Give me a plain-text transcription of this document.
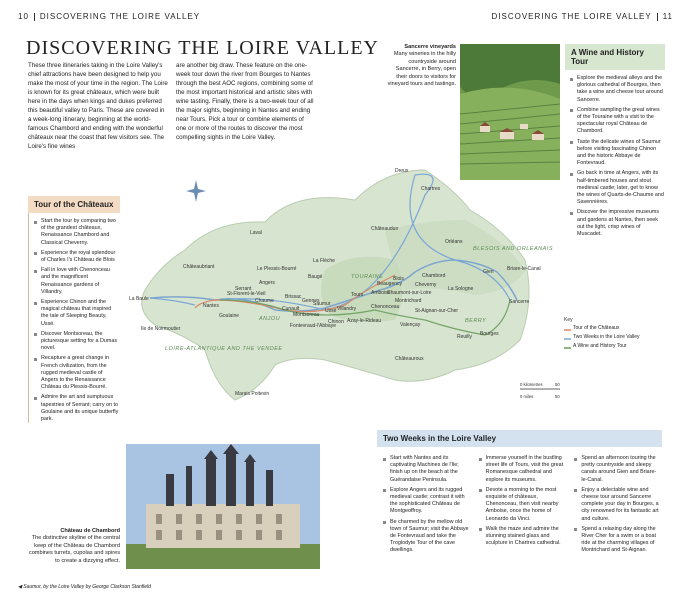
10 DISCOVERING THE LOIRE VALLEY	DISCOVERING THE LOIRE VALLEY 11
DISCOVERING THE LOIRE VALLEY

These three itineraries taking in the Loire Valley's chief attractions have been designed to help you make the most of your time in the region. The Loire is known for its great châteaux, which were built here in the days when kings and dukes preferred this beautiful valley to Paris. These are covered in a week-long itinerary, beginning at the world-famous Chambord and ending with the wonderful châteaux near the coast that few visitors see. The Loire's fine wines

are another big draw. These feature on the one-week tour down the river from Bourges to Nantes through the best AOC regions, combining some of the most important historical and artistic sites with wine tasting. Finally, there is a two-week tour of all the major sights, beginning in Nantes and ending near Tours. Pick a tour or combine elements of one or more of the routes to discover the most compelling sights in the Loire Valley.

Tour of the Châteaux
Start the tour by comparing two of the grandest châteaux, Renaissance Chambord and Classical Cheverny.
Experience the royal splendour of Charles I's Château de Blois
Fall in love with Chenonceau and the magnificent Renaissance gardens of Villandry.
Experience Chinon and the magical château that inspired the tale of Sleeping Beauty, Ussé.
Discover Montsoreau, the picturesque setting for a Dumas novel.
Recapture a great change in French civilization, from the rugged medieval castle of Angers to the Renaissance Château du Plessis-Bourré.
Admire the art and sumptuous tapestries of Serrant; carry on to Goulaine and its unique butterfly park.
Sancerre vineyards
Many wineries in the hilly countryside around Sancerre, in Berry, open their doors to visitors for vineyard tours and tastings.
A Wine and History Tour
Explore the medieval alleys and the glorious cathedral of Bourges, then take a wine and cheese tour around Sancerre.
Combine sampling the great wines of the Touraine with a visit to the spectacular royal Château de Chambord.
Taste the delicate wines of Saumur before visiting fascinating Chinon and the historic Abbaye de Fontevraud.
Go back in time at Angers, with its half-timbered houses and stout medieval castle; later, get to know the wines of Quarts-de-Chaume and Savennières.
Discover the impressive museums and gardens at Nantes, then seek out the light, crisp wines of Muscadet.
Dreux
Chartres
Châteaudun
Orléans
Gien	Briare-le-Canal
Sancerre
Bourges
Reuilly
Valençay
Châteauroux
Laval
La Flèche
Châteaubriant	Le Plessis-Bourré
Angers
Serrant
Chaume
Brissac
Baugé
Saumur
Chinon
Ussé
Tours Amboise
Blois	Chambord
Cheverny
Montrichard
Chenonceau
St-Aignan-sur-Cher
La Sologne
Beaugency
Chaumont-sur-Loire
Azay-le-Rideau
Villandry
Fontevraud-l'Abbaye
Montsoreau
Cunault
Gennes
Nantes
Goulaine
La Baule
Ile de Noirmoutier
Marais Poitevin
St-Florent-le-Vieil
TOURAINE
BLESOIS AND ORLEANAIS
BERRY
ANJOU
LOIRE-ATLANTIQUE AND THE VENDEE
Key
0 kilometres	50
0 miles	50
Tour of the Châteaux
Two Weeks in the Loire Valley
A Wine and History Tour
Château de Chambord
The distinctive skyline of the central keep of the Château de Chambord combines turrets, cupolas and spires to create a dizzying effect.
Two Weeks in the Loire Valley
Start with Nantes and its captivating Machines de l'Ile; finish up on the beach at the Guérandaise Peninsula.
Explore Angers and its rugged medieval castle; contrast it with the sophisticated Château de Montgeoffroy.
Be charmed by the mellow old town of Saumur; visit the Abbaye de Fontevraud and take the Troglodyte Tour of the cave dwellings.
Immerse yourself in the bustling street life of Tours, visit the great Romanesque cathedral and explore its museums.
Devote a morning to the most exquisite of châteaux, Chenonceau, then visit nearby Amboise, once the home of Leonardo da Vinci.
Walk the maze and admire the stunning stained glass and sculpture in Chartres cathedral.
Spend an afternoon touring the pretty countryside and sleepy canals around Gien and Briare-le-Canal.
Enjoy a delectable wine and cheese tour around Sancerre complete your day in Bourges, a city renowned for its fantastic art and culture.
Spend a relaxing day along the River Cher for a swim or a boat ride at the charming villages of Montrichard and St-Aignan.
◀ Saumur, by the Loire Valley by George Clarkson Stanfield
